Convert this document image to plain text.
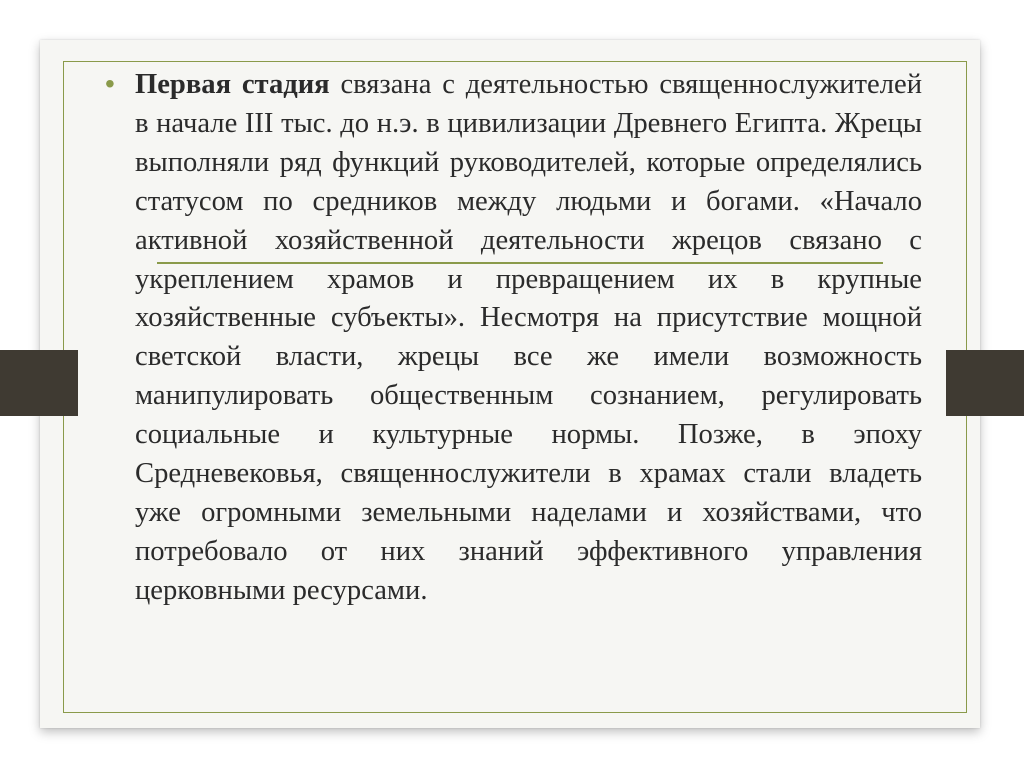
• Первая стадия связана с деятельностью священнослужителей в начале III тыс. до н.э. в цивилизации Древнего Египта. Жрецы выполняли ряд функций руководителей, которые определялись статусом по средников между людьми и богами. «Начало активной хозяйственной деятельности жрецов связано с укреплением храмов и превращением их в крупные хозяйственные субъекты». Несмотря на присутствие мощной светской власти, жрецы все же имели возможность манипулировать общественным сознанием, регулировать социальные и культурные нормы. Позже, в эпоху Средневековья, священнослужители в храмах стали владеть уже огромными земельными наделами и хозяйствами, что потребовало от них знаний эффективного управления церковными ресурсами.
